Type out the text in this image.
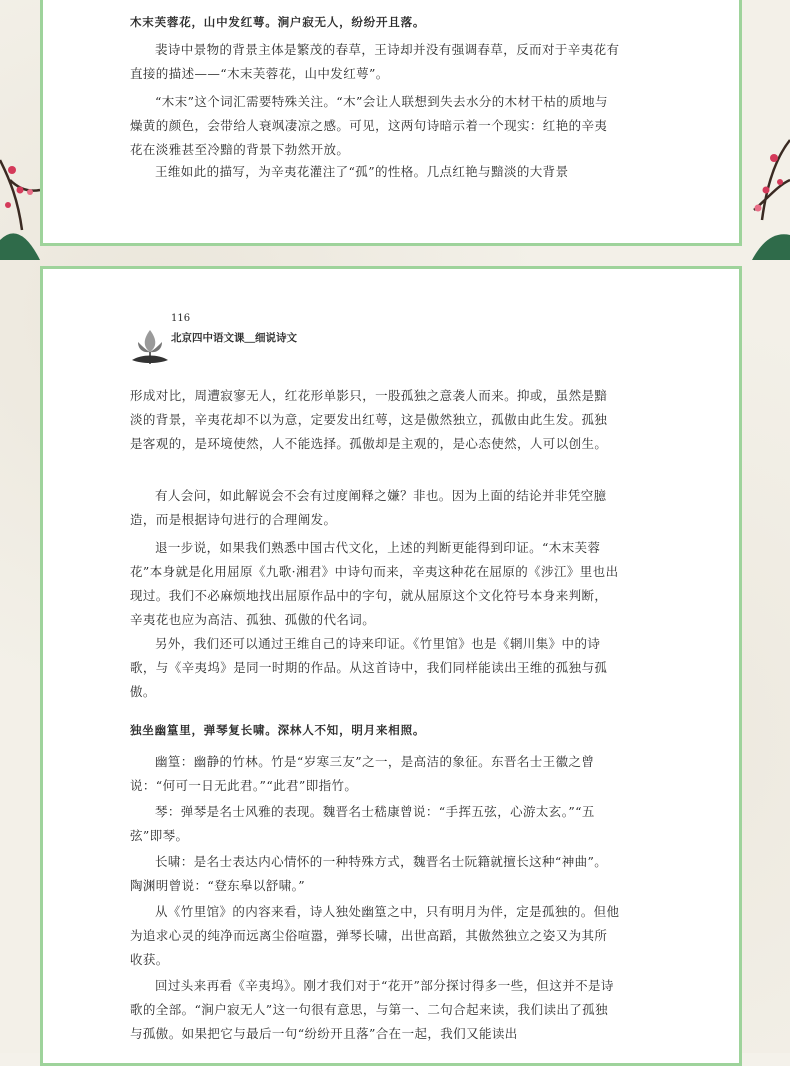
木末芙蓉花，山中发红萼。涧户寂无人，纷纷开且落。

裴诗中景物的背景主体是繁茂的春草，王诗却并没有强调春草，反而对于辛夷花有直接的描述——“木末芙蓉花，山中发红萼”。

“木末”这个词汇需要特殊关注。“木”会让人联想到失去水分的木材干枯的质地与燥黄的颜色，会带给人衰飒凄凉之感。可见，这两句诗暗示着一个现实：红艳的辛夷花在淡雅甚至冷黯的背景下勃然开放。

王维如此的描写，为辛夷花灌注了“孤”的性格。几点红艳与黯淡的大背景

116
北京四中语文课＿细说诗文

形成对比，周遭寂寥无人，红花形单影只，一股孤独之意袭人而来。抑或，虽然是黯淡的背景，辛夷花却不以为意，定要发出红萼，这是傲然独立，孤傲由此生发。孤独是客观的，是环境使然，人不能选择。孤傲却是主观的，是心态使然，人可以创生。

有人会问，如此解说会不会有过度阐释之嫌？非也。因为上面的结论并非凭空臆造，而是根据诗句进行的合理阐发。

退一步说，如果我们熟悉中国古代文化，上述的判断更能得到印证。“木末芙蓉花”本身就是化用屈原《九歌·湘君》中诗句而来，辛夷这种花在屈原的《涉江》里也出现过。我们不必麻烦地找出屈原作品中的字句，就从屈原这个文化符号本身来判断，辛夷花也应为高洁、孤独、孤傲的代名词。

另外，我们还可以通过王维自己的诗来印证。《竹里馆》也是《辋川集》中的诗歌，与《辛夷坞》是同一时期的作品。从这首诗中，我们同样能读出王维的孤独与孤傲。

独坐幽篁里，弹琴复长啸。深林人不知，明月来相照。

幽篁：幽静的竹林。竹是“岁寒三友”之一，是高洁的象征。东晋名士王徽之曾说：“何可一日无此君。”“此君”即指竹。

琴：弹琴是名士风雅的表现。魏晋名士嵇康曾说：“手挥五弦，心游太玄。”“五弦”即琴。

长啸：是名士表达内心情怀的一种特殊方式，魏晋名士阮籍就擅长这种“神曲”。陶渊明曾说：“登东皋以舒啸。”

从《竹里馆》的内容来看，诗人独处幽篁之中，只有明月为伴，定是孤独的。但他为追求心灵的纯净而远离尘俗喧嚣，弹琴长啸，出世高蹈，其傲然独立之姿又为其所收获。

回过头来再看《辛夷坞》。刚才我们对于“花开”部分探讨得多一些，但这并不是诗歌的全部。“涧户寂无人”这一句很有意思，与第一、二句合起来读，我们读出了孤独与孤傲。如果把它与最后一句“纷纷开且落”合在一起，我们又能读出
